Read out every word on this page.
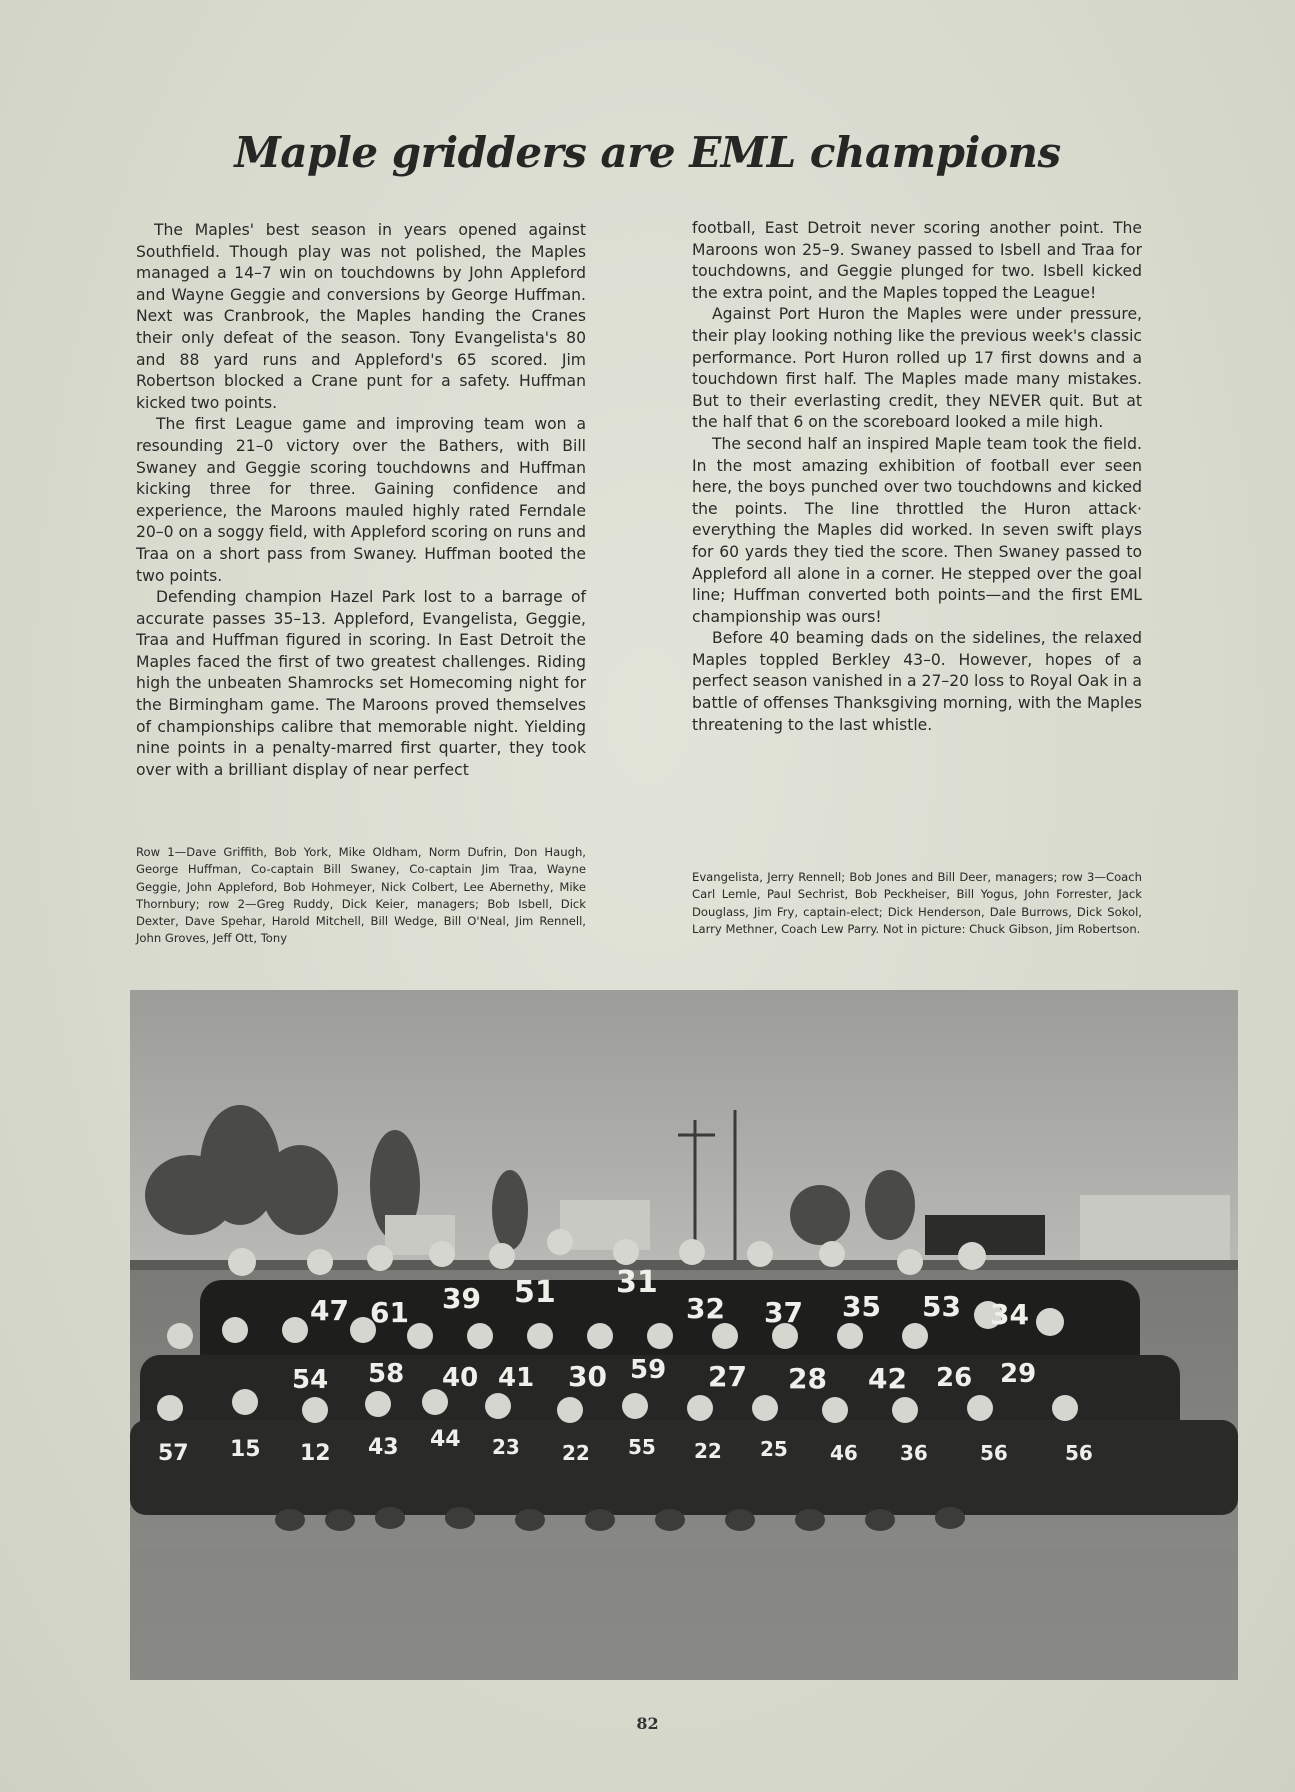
Maple gridders are EML champions

The Maples' best season in years opened against Southfield. Though play was not polished, the Maples managed a 14–7 win on touchdowns by John Appleford and Wayne Geggie and conversions by George Huffman. Next was Cranbrook, the Maples handing the Cranes their only defeat of the season. Tony Evangelista's 80 and 88 yard runs and Appleford's 65 scored. Jim Robertson blocked a Crane punt for a safety. Huffman kicked two points.

The first League game and improving team won a resounding 21–0 victory over the Bathers, with Bill Swaney and Geggie scoring touchdowns and Huffman kicking three for three. Gaining confidence and experience, the Maroons mauled highly rated Ferndale 20–0 on a soggy field, with Appleford scoring on runs and Traa on a short pass from Swaney. Huffman booted the two points.

Defending champion Hazel Park lost to a barrage of accurate passes 35–13. Appleford, Evangelista, Geggie, Traa and Huffman figured in scoring. In East Detroit the Maples faced the first of two greatest challenges. Riding high the unbeaten Shamrocks set Homecoming night for the Birmingham game. The Maroons proved themselves of championships calibre that memorable night. Yielding nine points in a penalty-marred first quarter, they took over with a brilliant display of near perfect

football, East Detroit never scoring another point. The Maroons won 25–9. Swaney passed to Isbell and Traa for touchdowns, and Geggie plunged for two. Isbell kicked the extra point, and the Maples topped the League!

Against Port Huron the Maples were under pressure, their play looking nothing like the previous week's classic performance. Port Huron rolled up 17 first downs and a touchdown first half. The Maples made many mistakes. But to their everlasting credit, they NEVER quit. But at the half that 6 on the scoreboard looked a mile high.

The second half an inspired Maple team took the field. In the most amazing exhibition of football ever seen here, the boys punched over two touchdowns and kicked the points. The line throttled the Huron attack· everything the Maples did worked. In seven swift plays for 60 yards they tied the score. Then Swaney passed to Appleford all alone in a corner. He stepped over the goal line; Huffman converted both points—and the first EML championship was ours!

Before 40 beaming dads on the sidelines, the relaxed Maples toppled Berkley 43–0. However, hopes of a perfect season vanished in a 27–20 loss to Royal Oak in a battle of offenses Thanksgiving morning, with the Maples threatening to the last whistle.

Row 1—Dave Griffith, Bob York, Mike Oldham, Norm Dufrin, Don Haugh, George Huffman, Co-captain Bill Swaney, Co-captain Jim Traa, Wayne Geggie, John Appleford, Bob Hohmeyer, Nick Colbert, Lee Abernethy, Mike Thornbury; row 2—Greg Ruddy, Dick Keier, managers; Bob Isbell, Dick Dexter, Dave Spehar, Harold Mitchell, Bill Wedge, Bill O'Neal, Jim Rennell, John Groves, Jeff Ott, Tony
Evangelista, Jerry Rennell; Bob Jones and Bill Deer, managers; row 3—Coach Carl Lemle, Paul Sechrist, Bob Peckheiser, Bill Yogus, John Forrester, Jack Douglass, Jim Fry, captain-elect; Dick Henderson, Dale Burrows, Dick Sokol, Larry Methner, Coach Lew Parry. Not in picture: Chuck Gibson, Jim Robertson.
47 61 39 51 31
32 37 35 53 34
54 58 40 41 30 59 27 28 42 26 29
57 15 12 43 44 23 22 55 22 25 46 36	56	56
82
